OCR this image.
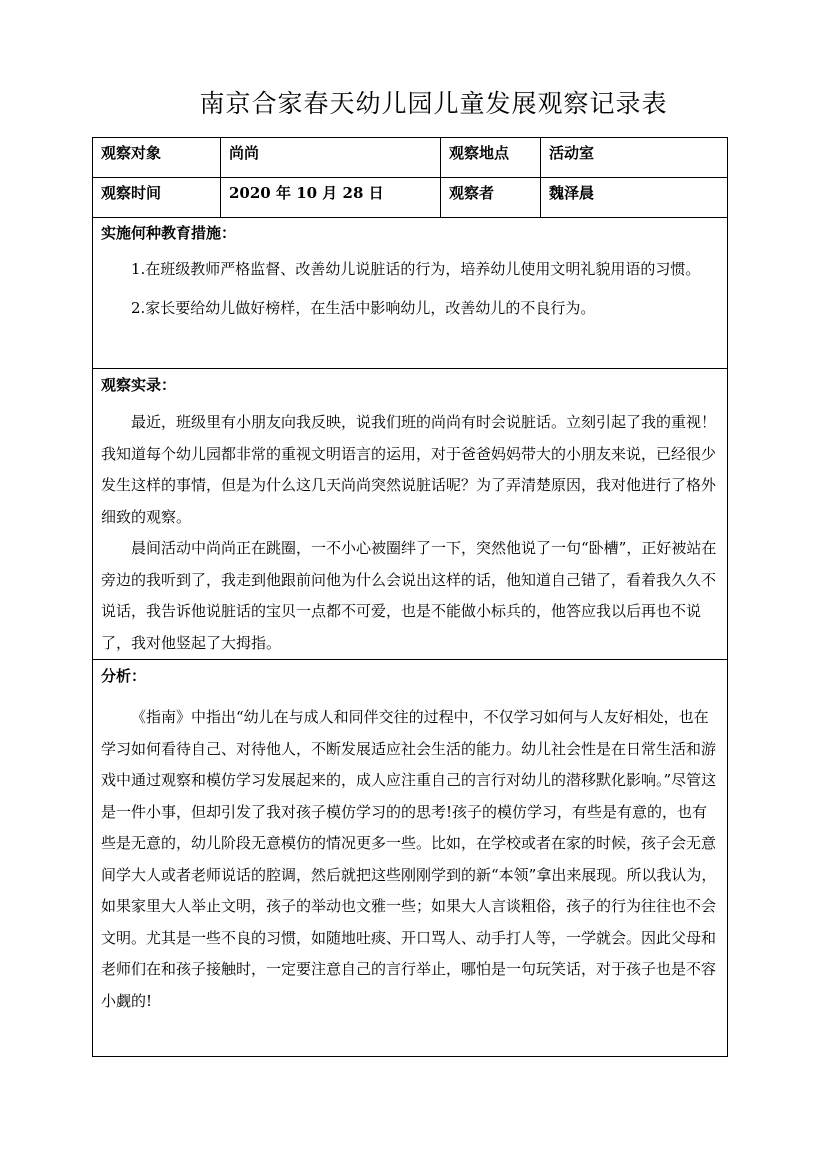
南京合家春天幼儿园儿童发展观察记录表
观察对象	尚尚	观察地点	活动室
观察时间	2020 年 10 月 28 日	观察者	魏泽晨

实施何种教育措施：

1.在班级教师严格监督、改善幼儿说脏话的行为，培养幼儿使用文明礼貌用语的习惯。

2.家长要给幼儿做好榜样，在生活中影响幼儿，改善幼儿的不良行为。			

观察实录：

最近，班级里有小朋友向我反映，说我们班的尚尚有时会说脏话。立刻引起了我的重视！我知道每个幼儿园都非常的重视文明语言的运用，对于爸爸妈妈带大的小朋友来说，已经很少发生这样的事情，但是为什么这几天尚尚突然说脏话呢？为了弄清楚原因，我对他进行了格外细致的观察。

晨间活动中尚尚正在跳圈，一不小心被圈绊了一下，突然他说了一句“卧槽”，正好被站在旁边的我听到了，我走到他跟前问他为什么会说出这样的话，他知道自己错了，看着我久久不说话，我告诉他说脏话的宝贝一点都不可爱，也是不能做小标兵的，他答应我以后再也不说了，我对他竖起了大拇指。			

分析：

《指南》中指出“幼儿在与成人和同伴交往的过程中，不仅学习如何与人友好相处，也在学习如何看待自己、对待他人，不断发展适应社会生活的能力。幼儿社会性是在日常生活和游戏中通过观察和模仿学习发展起来的，成人应注重自己的言行对幼儿的潜移默化影响。”尽管这是一件小事，但却引发了我对孩子模仿学习的的思考!孩子的模仿学习，有些是有意的，也有些是无意的，幼儿阶段无意模仿的情况更多一些。比如，在学校或者在家的时候，孩子会无意间学大人或者老师说话的腔调，然后就把这些刚刚学到的新“本领”拿出来展现。所以我认为，如果家里大人举止文明，孩子的举动也文雅一些；如果大人言谈粗俗，孩子的行为往往也不会文明。尤其是一些不良的习惯，如随地吐痰、开口骂人、动手打人等，一学就会。因此父母和老师们在和孩子接触时，一定要注意自己的言行举止，哪怕是一句玩笑话，对于孩子也是不容小觑的!			
